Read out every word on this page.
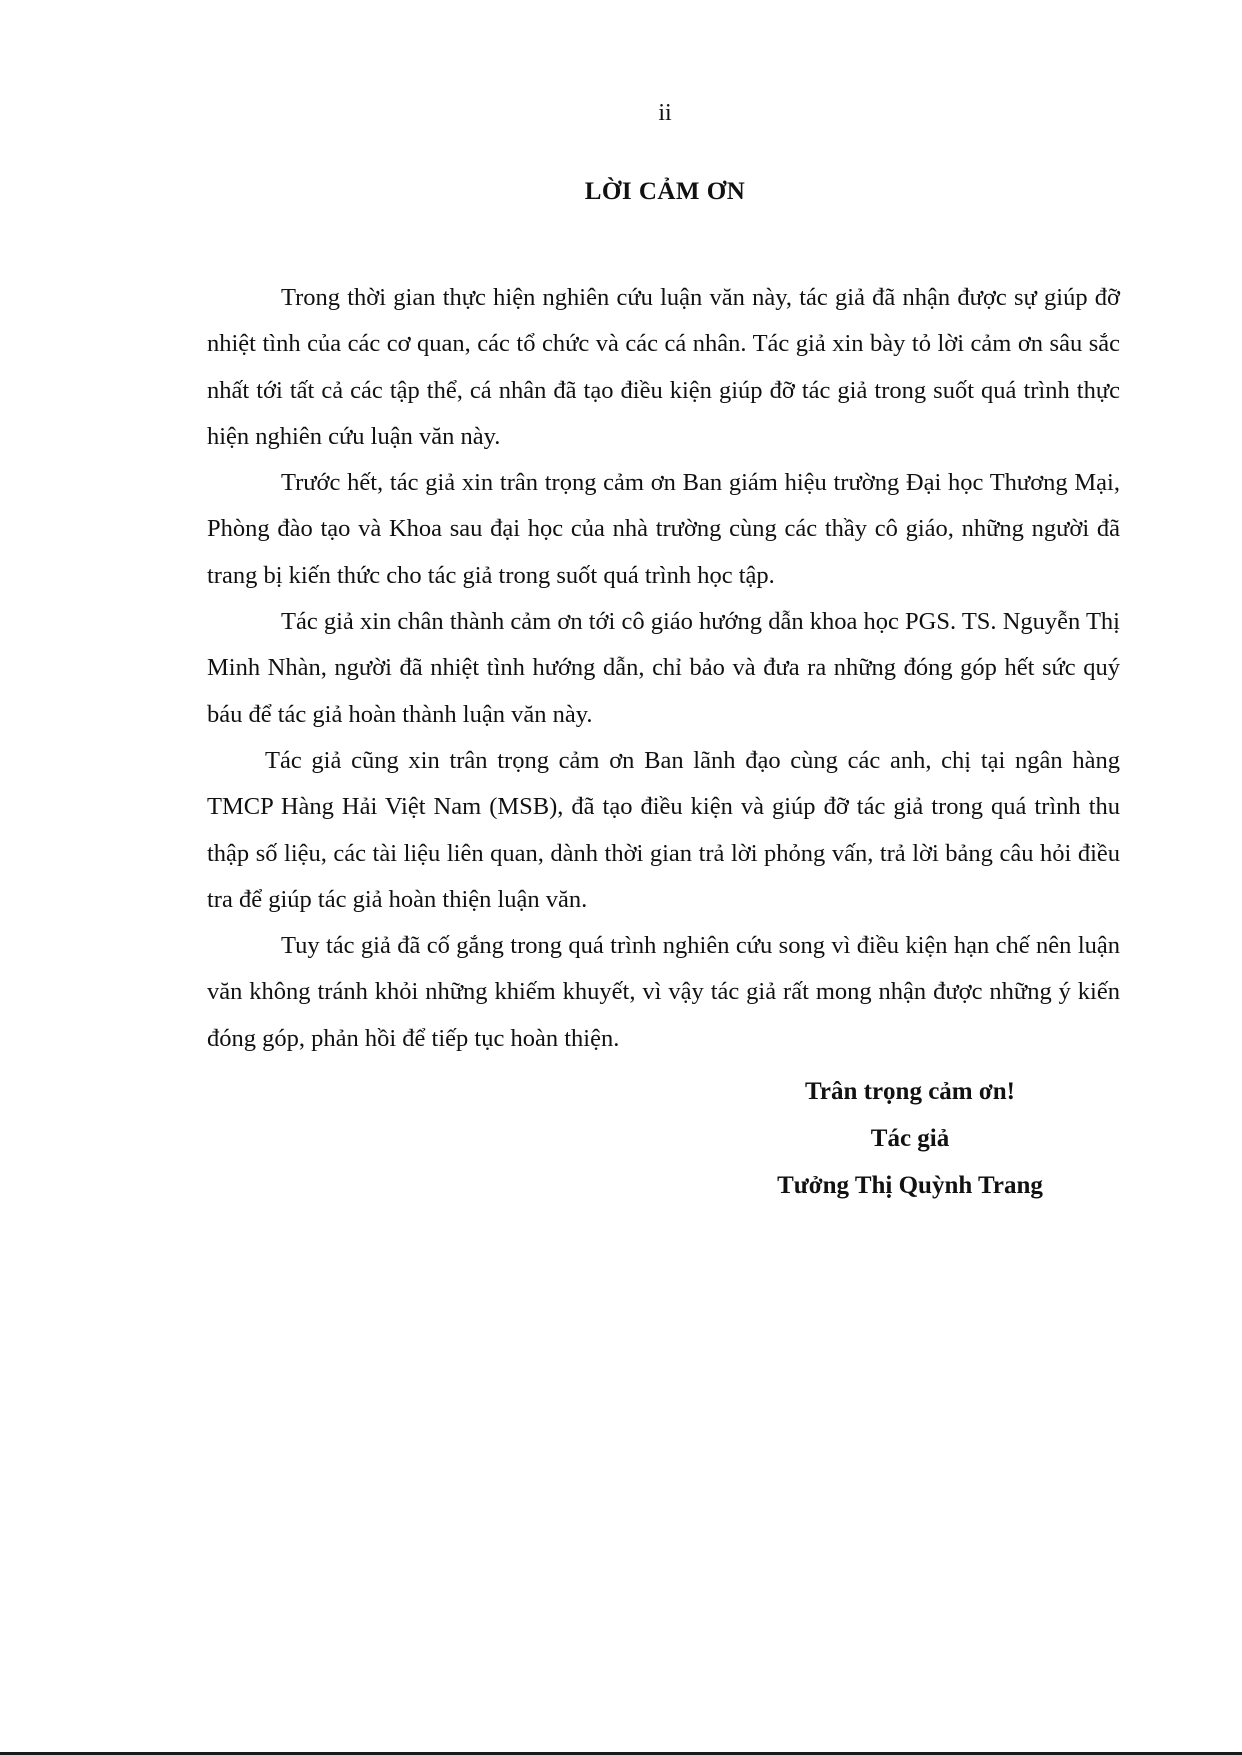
ii
LỜI CẢM ƠN

Trong thời gian thực hiện nghiên cứu luận văn này, tác giả đã nhận được sự giúp đỡ nhiệt tình của các cơ quan, các tổ chức và các cá nhân. Tác giả xin bày tỏ lời cảm ơn sâu sắc nhất tới tất cả các tập thể, cá nhân đã tạo điều kiện giúp đỡ tác giả trong suốt quá trình thực hiện nghiên cứu luận văn này.

Trước hết, tác giả xin trân trọng cảm ơn Ban giám hiệu trường Đại học Thương Mại, Phòng đào tạo và Khoa sau đại học của nhà trường cùng các thầy cô giáo, những người đã trang bị kiến thức cho tác giả trong suốt quá trình học tập.

Tác giả xin chân thành cảm ơn tới cô giáo hướng dẫn khoa học PGS. TS. Nguyễn Thị Minh Nhàn, người đã nhiệt tình hướng dẫn, chỉ bảo và đưa ra những đóng góp hết sức quý báu để tác giả hoàn thành luận văn này.

Tác giả cũng xin trân trọng cảm ơn Ban lãnh đạo cùng các anh, chị tại ngân hàng TMCP Hàng Hải Việt Nam (MSB), đã tạo điều kiện và giúp đỡ tác giả trong quá trình thu thập số liệu, các tài liệu liên quan, dành thời gian trả lời phỏng vấn, trả lời bảng câu hỏi điều tra để giúp tác giả hoàn thiện luận văn.

Tuy tác giả đã cố gắng trong quá trình nghiên cứu song vì điều kiện hạn chế nên luận văn không tránh khỏi những khiếm khuyết, vì vậy tác giả rất mong nhận được những ý kiến đóng góp, phản hồi để tiếp tục hoàn thiện.

Trân trọng cảm ơn!
Tác giả
Tưởng Thị Quỳnh Trang
